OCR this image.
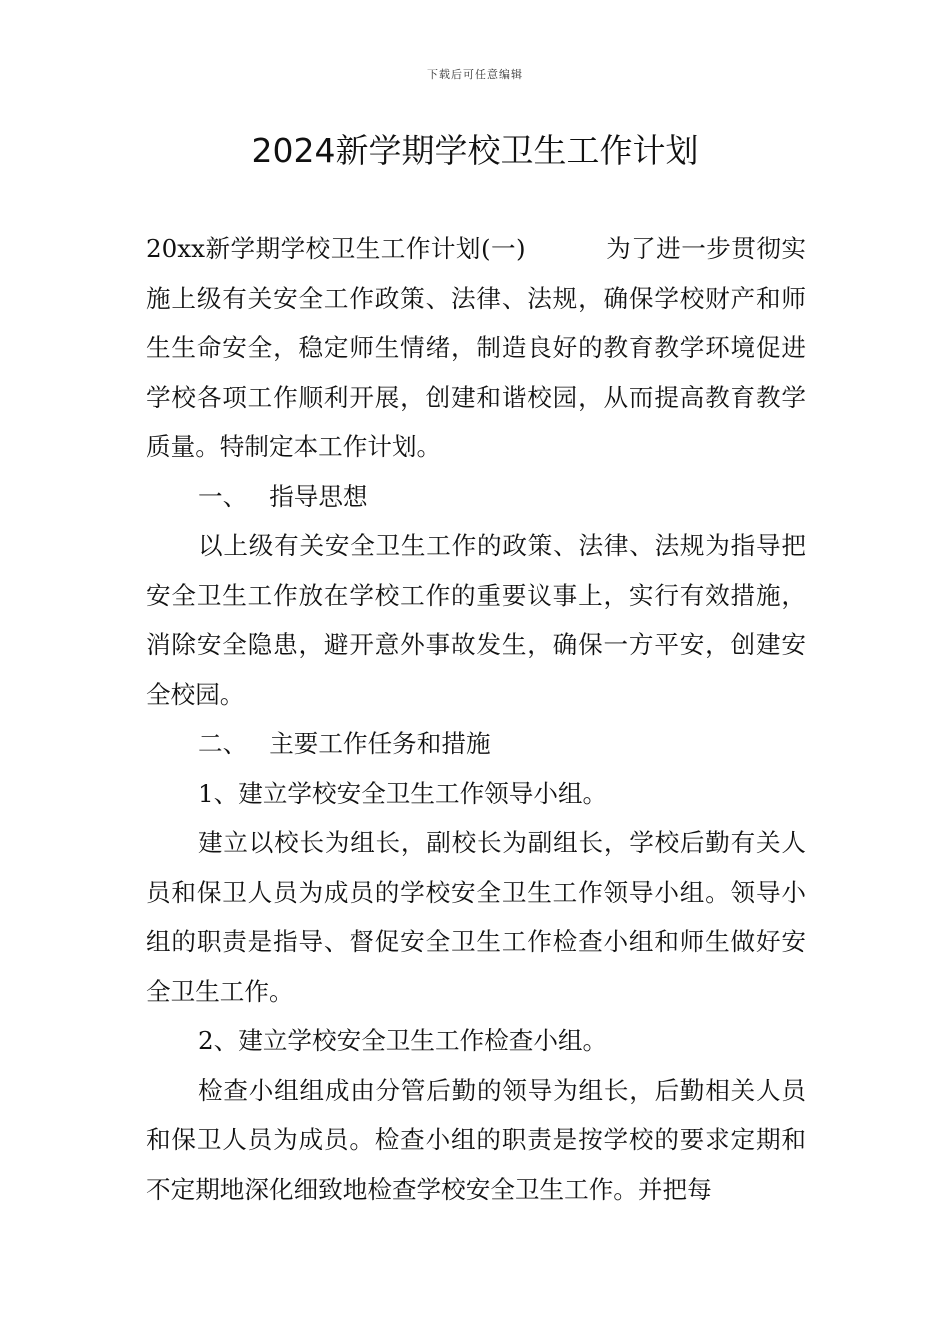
下载后可任意编辑
2024新学期学校卫生工作计划

20xx新学期学校卫生工作计划(一)	为了进一步贯彻实施上级有关安全工作政策、法律、法规，确保学校财产和师生生命安全，稳定师生情绪，制造良好的教育教学环境促进学校各项工作顺利开展，创建和谐校园，从而提高教育教学质量。特制定本工作计划。

一、 指导思想

以上级有关安全卫生工作的政策、法律、法规为指导把安全卫生工作放在学校工作的重要议事上，实行有效措施，消除安全隐患，避开意外事故发生，确保一方平安，创建安全校园。

二、 主要工作任务和措施

1、建立学校安全卫生工作领导小组。

建立以校长为组长，副校长为副组长，学校后勤有关人员和保卫人员为成员的学校安全卫生工作领导小组。领导小组的职责是指导、督促安全卫生工作检查小组和师生做好安全卫生工作。

2、建立学校安全卫生工作检查小组。

检查小组组成由分管后勤的领导为组长，后勤相关人员和保卫人员为成员。检查小组的职责是按学校的要求定期和不定期地深化细致地检查学校安全卫生工作。并把每
